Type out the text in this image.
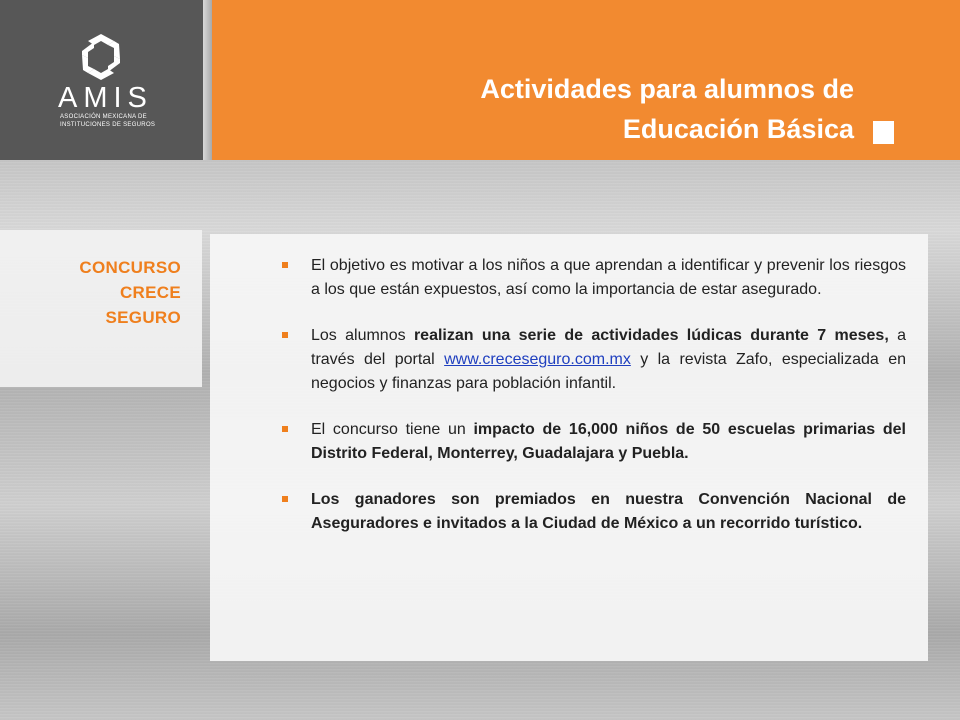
AMIS
ASOCIACIÓN MEXICANA DE
INSTITUCIONES DE SEGUROS
Actividades para alumnos de
Educación Básica
CONCURSO
CRECE
SEGURO
El objetivo es motivar a los niños a que aprendan a identificar y prevenir los riesgos a los que están expuestos, así como la importancia de estar asegurado.
Los alumnos realizan una serie de actividades lúdicas durante 7 meses, a través del portal www.creceseguro.com.mx y la revista Zafo, especializada en negocios y finanzas para población infantil.
El concurso tiene un impacto de 16,000 niños de 50 escuelas primarias del Distrito Federal, Monterrey, Guadalajara y Puebla.
Los ganadores son premiados en nuestra Convención Nacional de Aseguradores e invitados a la Ciudad de México a un recorrido turístico.
